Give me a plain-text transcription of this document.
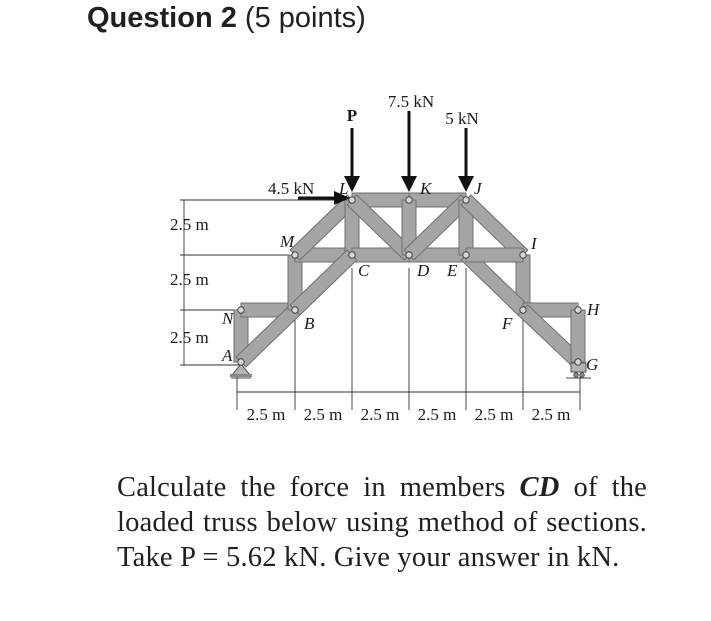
Question 2 (5 points)
P
7.5 kN
5 kN
4.5 kN L	K	J
M	I
C	D E
N	B	F
H
A	G
2.5 m
2.5 m
2.5 m
2.5 m 2.5 m 2.5 m 2.5 m 2.5 m 2.5 m

Calculate the force in members CD of the loaded truss below using method of sections. Take P = 5.62 kN. Give your answer in kN.
